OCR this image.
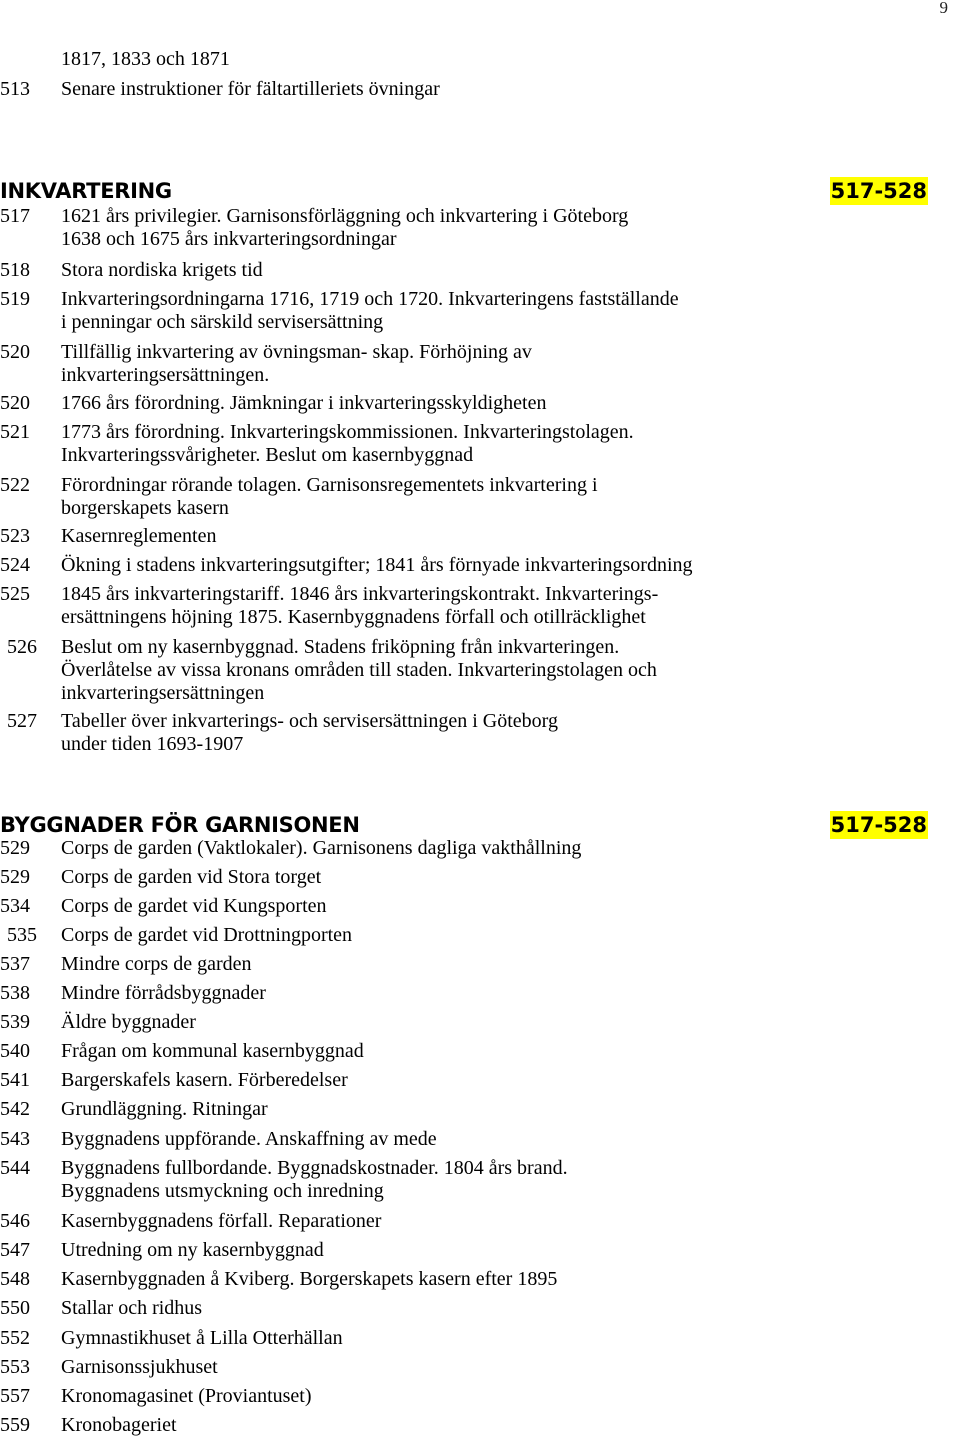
9
1817, 1833 och 1871
513	Senare instruktioner för fältartilleriets övningar
INKVARTERING	517-528
517	1621 års privilegier. Garnisonsförläggning och inkvartering i Göteborg
1638 och 1675 års inkvarteringsordningar
518	Stora nordiska krigets tid
519	Inkvarteringsordningarna 1716, 1719 och 1720. Inkvarteringens fastställande
i penningar och särskild servisersättning
520	Tillfällig inkvartering av övningsman- skap. Förhöjning av
inkvarteringsersättningen.
520	1766 års förordning. Jämkningar i inkvarteringsskyldigheten
521	1773 års förordning. Inkvarteringskommissionen. Inkvarteringstolagen.
Inkvarteringssvårigheter. Beslut om kasernbyggnad
522	Förordningar rörande tolagen. Garnisonsregementets inkvartering i
borgerskapets kasern
523	Kasernreglementen
524	Ökning i stadens inkvarteringsutgifter; 1841 års förnyade inkvarteringsordning
525	1845 års inkvarteringstariff. 1846 års inkvarteringskontrakt. Inkvarterings-
ersättningens höjning 1875. Kasernbyggnadens förfall och otillräcklighet
526	Beslut om ny kasernbyggnad. Stadens friköpning från inkvarteringen.
Överlåtelse av vissa kronans områden till staden. Inkvarteringstolagen och
inkvarteringsersättningen
527	Tabeller över inkvarterings- och servisersättningen i Göteborg
under tiden 1693-1907
BYGGNADER FÖR GARNISONEN	517-528
529	Corps de garden (Vaktlokaler). Garnisonens dagliga vakthållning
529	Corps de garden vid Stora torget
534	Corps de gardet vid Kungsporten
535	Corps de gardet vid Drottningporten
537	Mindre corps de garden
538	Mindre förrådsbyggnader
539	Äldre byggnader
540	Frågan om kommunal kasernbyggnad
541	Bargerskafels kasern. Förberedelser
542	Grundläggning. Ritningar
543	Byggnadens uppförande. Anskaffning av mede
544	Byggnadens fullbordande. Byggnadskostnader. 1804 års brand.
Byggnadens utsmyckning och inredning
546	Kasernbyggnadens förfall. Reparationer
547	Utredning om ny kasernbyggnad
548	Kasernbyggnaden å Kviberg. Borgerskapets kasern efter 1895
550	Stallar och ridhus
552	Gymnastikhuset å Lilla Otterhällan
553	Garnisonssjukhuset
557	Kronomagasinet (Proviantuset)
559	Kronobageriet
